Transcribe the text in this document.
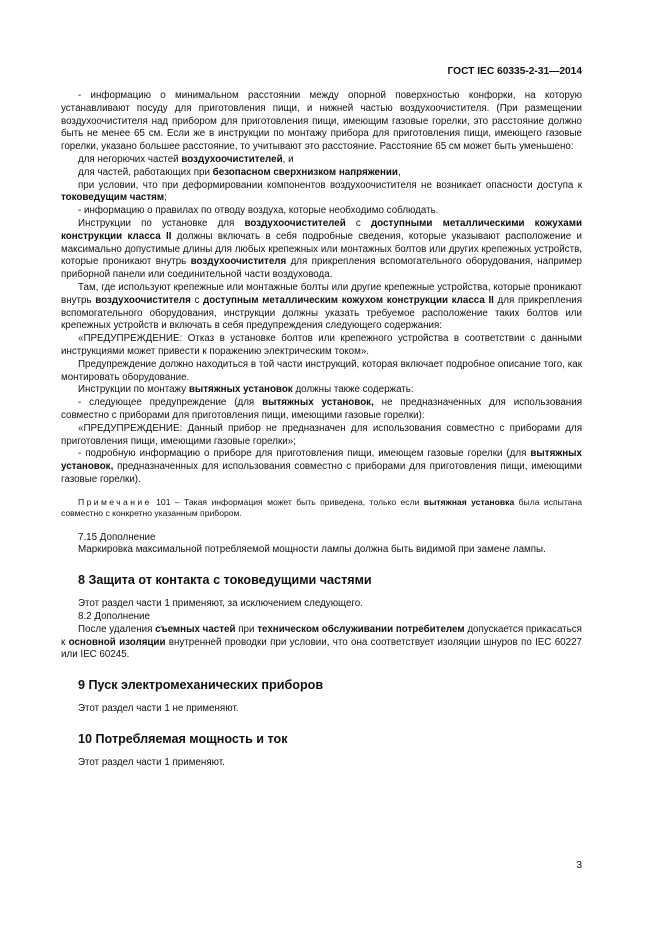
ГОСТ IEC 60335-2-31—2014

- информацию о минимальном расстоянии между опорной поверхностью конфорки, на которую устанавливают посуду для приготовления пищи, и нижней частью воздухоочистителя. (При размещении воздухоочистителя над прибором для приготовления пищи, имеющим газовые горелки, это расстояние должно быть не менее 65 см. Если же в инструкции по монтажу прибора для приготовления пищи, имеющего газовые горелки, указано большее расстояние, то учитывают это расстояние. Расстояние 65 см может быть уменьшено:

для негорючих частей воздухоочистителей, и

для частей, работающих при безопасном сверхнизком напряжении,

при условии, что при деформировании компонентов воздухоочистителя не возникает опасности доступа к токоведущим частям;

- информацию о правилах по отводу воздуха, которые необходимо соблюдать.

Инструкции по установке для воздухоочистителей с доступными металлическими кожухами конструкции класса II должны включать в себя подробные сведения, которые указывают расположение и максимально допустимые длины для любых крепежных или монтажных болтов или других крепежных устройств, которые проникают внутрь воздухоочистителя для прикрепления вспомогательного оборудования, например приборной панели или соединительной части воздуховода.

Там, где используют крепежные или монтажные болты или другие крепежные устройства, которые проникают внутрь воздухоочистителя с доступным металлическим кожухом конструкции класса II для прикрепления вспомогательного оборудования, инструкции должны указать требуемое расположение таких болтов или крепежных устройств и включать в себя предупреждения следующего содержания:

«ПРЕДУПРЕЖДЕНИЕ: Отказ в установке болтов или крепежного устройства в соответствии с данными инструкциями может привести к поражению электрическим током».

Предупреждение должно находиться в той части инструкций, которая включает подробное описание того, как монтировать оборудование.

Инструкции по монтажу вытяжных установок должны также содержать:

- следующее предупреждение (для вытяжных установок, не предназначенных для использования совместно с приборами для приготовления пищи, имеющими газовые горелки):

«ПРЕДУПРЕЖДЕНИЕ: Данный прибор не предназначен для использования совместно с приборами для приготовления пищи, имеющими газовые горелки»;

- подробную информацию о приборе для приготовления пищи, имеющем газовые горелки (для вытяжных установок, предназначенных для использования совместно с приборами для приготовления пищи, имеющими газовые горелки).

Примечание 101 – Такая информация может быть приведена, только если вытяжная установка была испытана совместно с конкретно указанным прибором.

7.15 Дополнение

Маркировка максимальной потребляемой мощности лампы должна быть видимой при замене лампы.

8 Защита от контакта с токоведущими частями

Этот раздел части 1 применяют, за исключением следующего.

8.2 Дополнение

После удаления съемных частей при техническом обслуживании потребителем допускается прикасаться к основной изоляции внутренней проводки при условии, что она соответствует изоляции шнуров по IEC 60227 или IEC 60245.

9 Пуск электромеханических приборов

Этот раздел части 1 не применяют.

10 Потребляемая мощность и ток

Этот раздел части 1 применяют.

3
